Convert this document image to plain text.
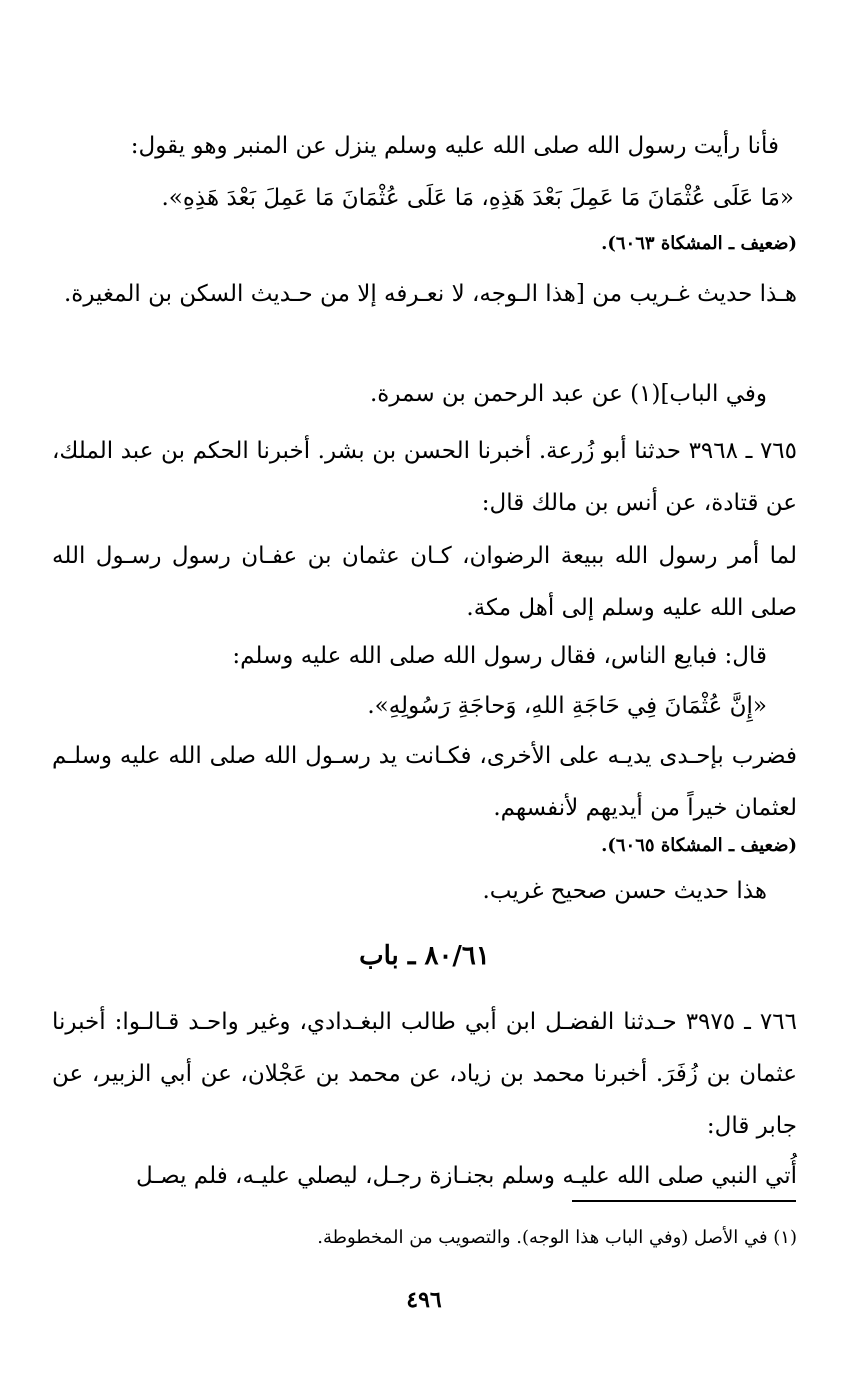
فأنا رأيت رسول الله صلى الله عليه وسلم ينزل عن المنبر وهو يقول:
«مَا عَلَى عُثْمَانَ مَا عَمِلَ بَعْدَ هَذِهِ، مَا عَلَى عُثْمَانَ مَا عَمِلَ بَعْدَ هَذِهِ».
(ضعيف ـ المشكاة ٦٠٦٣).
هـذا حديث غـريب من [هذا الـوجه، لا نعـرفه إلا من حـديث السكن بن المغيرة.
وفي الباب](١) عن عبد الرحمن بن سمرة.
٧٦٥ ـ ٣٩٦٨ حدثنا أبو زُرعة. أخبرنا الحسن بن بشر. أخبرنا الحكم بن عبد الملك، عن قتادة، عن أنس بن مالك قال:
لما أمر رسول الله ببيعة الرضوان، كـان عثمان بن عفـان رسول رسـول الله صلى الله عليه وسلم إلى أهل مكة.
قال: فبايع الناس، فقال رسول الله صلى الله عليه وسلم:
«إِنَّ عُثْمَانَ فِي حَاجَةِ اللهِ، وَحاجَةِ رَسُولِهِ».
فضرب بإحـدى يديـه على الأخرى، فكـانت يد رسـول الله صلى الله عليه وسلـم لعثمان خيراً من أيديهم لأنفسهم.
(ضعيف ـ المشكاة ٦٠٦٥).
هذا حديث حسن صحيح غريب.
٨٠/٦١ ـ باب
٧٦٦ ـ ٣٩٧٥ حـدثنا الفضـل ابن أبي طالب البغـدادي، وغير واحـد قـالـوا: أخبرنا عثمان بن زُفَرَ. أخبرنا محمد بن زياد، عن محمد بن عَجْلان، عن أبي الزبير، عن جابر قال:
أُتي النبي صلى الله عليـه وسلم بجنـازة رجـل، ليصلي عليـه، فلم يصـل
(١) في الأصل (وفي الباب هذا الوجه). والتصويب من المخطوطة.
٤٩٦
